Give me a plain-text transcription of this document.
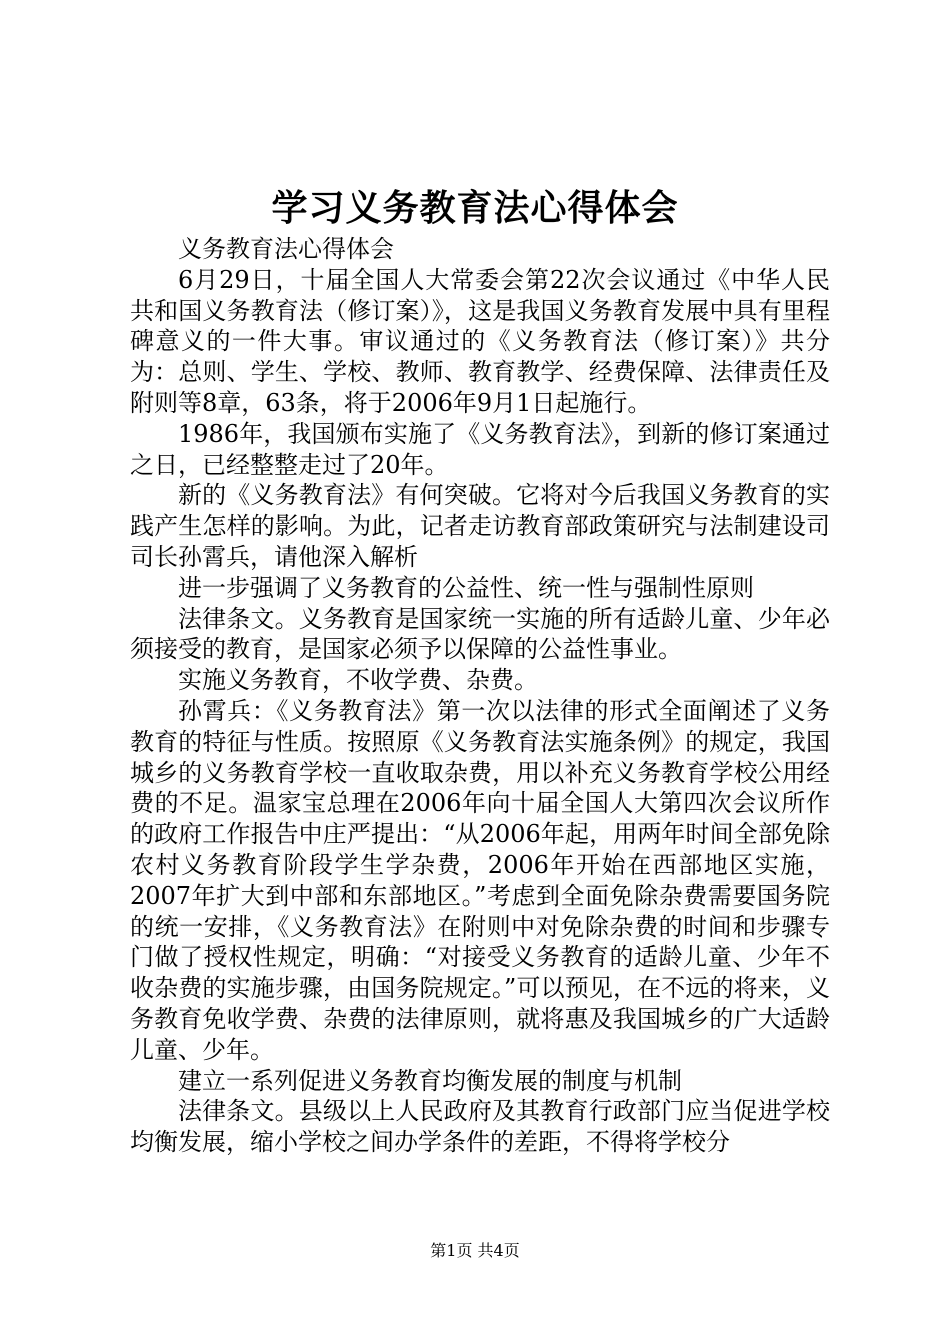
学习义务教育法心得体会

义务教育法心得体会

6月29日，十届全国人大常委会第22次会议通过《中华人民共和国义务教育法（修订案）》，这是我国义务教育发展中具有里程碑意义的一件大事。审议通过的《义务教育法（修订案）》共分为：总则、学生、学校、教师、教育教学、经费保障、法律责任及附则等8章，63条，将于2006年9月1日起施行。

1986年，我国颁布实施了《义务教育法》，到新的修订案通过之日，已经整整走过了20年。

新的《义务教育法》有何突破。它将对今后我国义务教育的实践产生怎样的影响。为此，记者走访教育部政策研究与法制建设司司长孙霄兵，请他深入解析

进一步强调了义务教育的公益性、统一性与强制性原则

法律条文。义务教育是国家统一实施的所有适龄儿童、少年必须接受的教育，是国家必须予以保障的公益性事业。

实施义务教育，不收学费、杂费。

孙霄兵：《义务教育法》第一次以法律的形式全面阐述了义务教育的特征与性质。按照原《义务教育法实施条例》的规定，我国城乡的义务教育学校一直收取杂费，用以补充义务教育学校公用经费的不足。温家宝总理在2006年向十届全国人大第四次会议所作的政府工作报告中庄严提出：“从2006年起，用两年时间全部免除农村义务教育阶段学生学杂费，2006年开始在西部地区实施，2007年扩大到中部和东部地区。”考虑到全面免除杂费需要国务院的统一安排，《义务教育法》在附则中对免除杂费的时间和步骤专门做了授权性规定，明确：“对接受义务教育的适龄儿童、少年不收杂费的实施步骤，由国务院规定。”可以预见，在不远的将来，义务教育免收学费、杂费的法律原则，就将惠及我国城乡的广大适龄儿童、少年。

建立一系列促进义务教育均衡发展的制度与机制

法律条文。县级以上人民政府及其教育行政部门应当促进学校均衡发展，缩小学校之间办学条件的差距，不得将学校分

第1页 共4页
